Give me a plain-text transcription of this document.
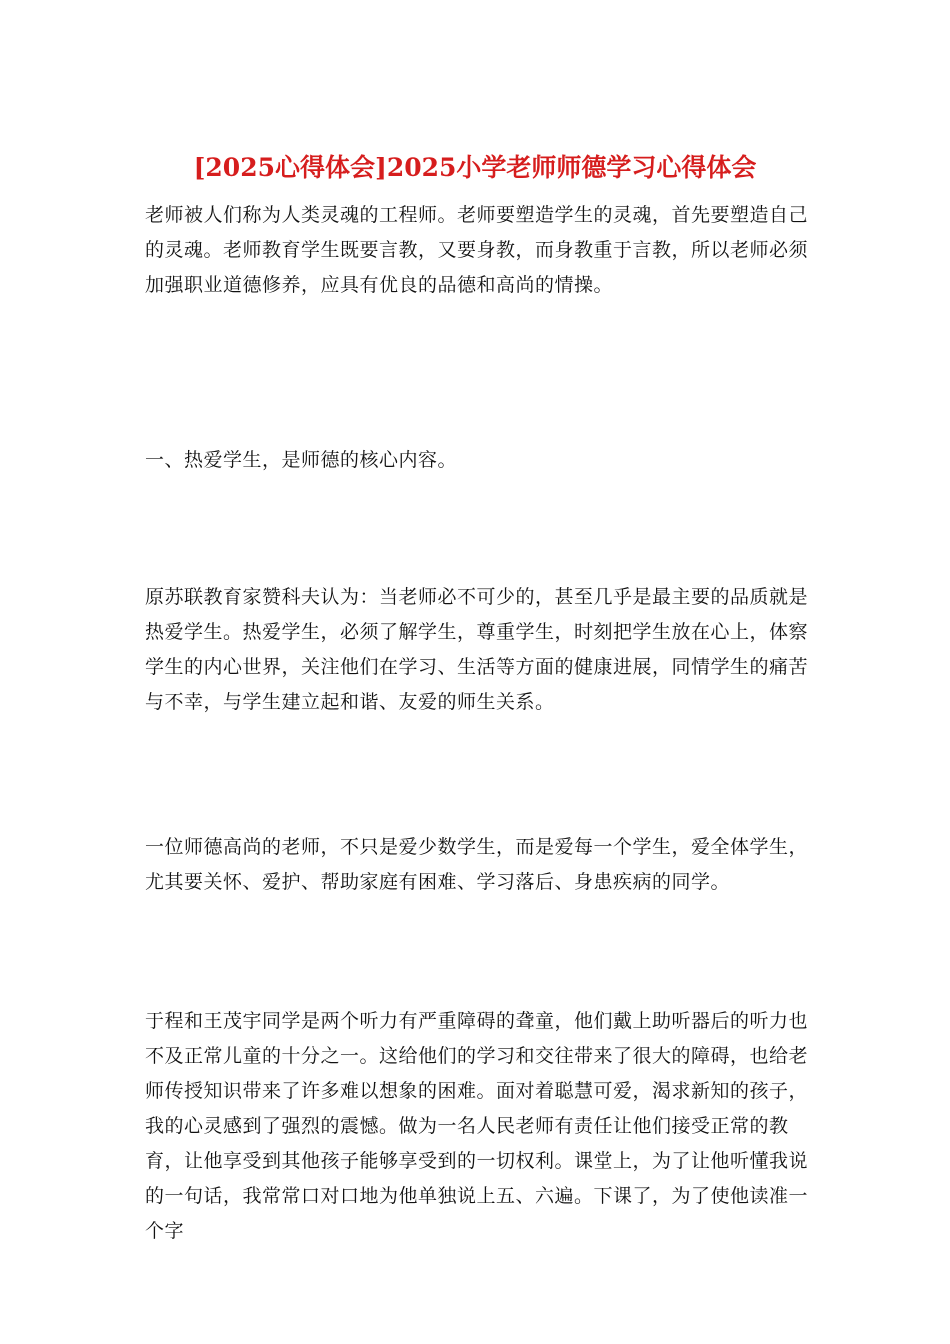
[2025心得体会]2025小学老师师德学习心得体会

老师被人们称为人类灵魂的工程师。老师要塑造学生的灵魂，首先要塑造自己的灵魂。老师教育学生既要言教，又要身教，而身教重于言教，所以老师必须加强职业道德修养，应具有优良的品德和高尚的情操。

一、热爱学生，是师德的核心内容。

原苏联教育家赞科夫认为：当老师必不可少的，甚至几乎是最主要的品质就是热爱学生。热爱学生，必须了解学生，尊重学生，时刻把学生放在心上，体察学生的内心世界，关注他们在学习、生活等方面的健康进展，同情学生的痛苦与不幸，与学生建立起和谐、友爱的师生关系。

一位师德高尚的老师，不只是爱少数学生，而是爱每一个学生，爱全体学生，尤其要关怀、爱护、帮助家庭有困难、学习落后、身患疾病的同学。

于程和王茂宇同学是两个听力有严重障碍的聋童，他们戴上助听器后的听力也不及正常儿童的十分之一。这给他们的学习和交往带来了很大的障碍，也给老师传授知识带来了许多难以想象的困难。面对着聪慧可爱，渴求新知的孩子，我的心灵感到了强烈的震憾。做为一名人民老师有责任让他们接受正常的教育，让他享受到其他孩子能够享受到的一切权利。课堂上，为了让他听懂我说的一句话，我常常口对口地为他单独说上五、六遍。下课了，为了使他读准一个字
